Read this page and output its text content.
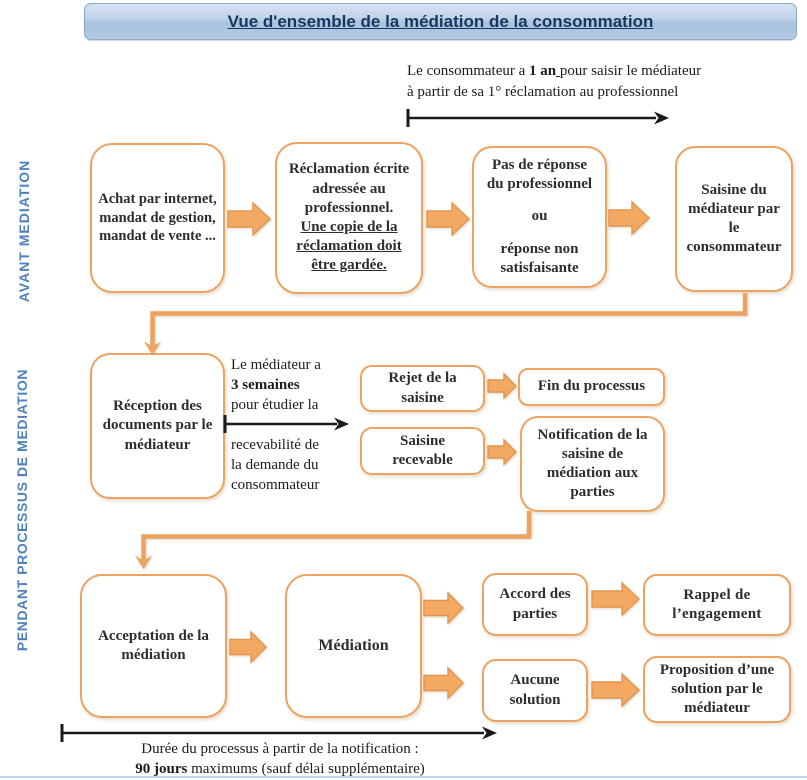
Vue d'ensemble de la médiation de la consommation
AVANT MEDIATION
PENDANT PROCESSUS DE MEDIATION
Le consommateur a 1 an pour saisir le médiateur
à partir de sa 1° réclamation au professionnel
Achat par internet, mandat de gestion, mandat de vente ...
Réclamation écrite adressée au professionnel.
Une copie de la réclamation doit être gardée.
Pas de réponse du professionnel
ou
réponse non satisfaisante
Saisine du médiateur par le consommateur
Réception des documents par le médiateur
Le médiateur a
3 semaines
pour étudier la
recevabilité de
la demande du
consommateur
Rejet de la saisine
Fin du processus
Saisine recevable
Notification de la saisine de médiation aux parties
Acceptation de la médiation
Médiation
Accord des parties
Rappel de l’engagement
Aucune solution
Proposition d’une solution par le médiateur
Durée du processus à partir de la notification :
90 jours maximums (sauf délai supplémentaire)
